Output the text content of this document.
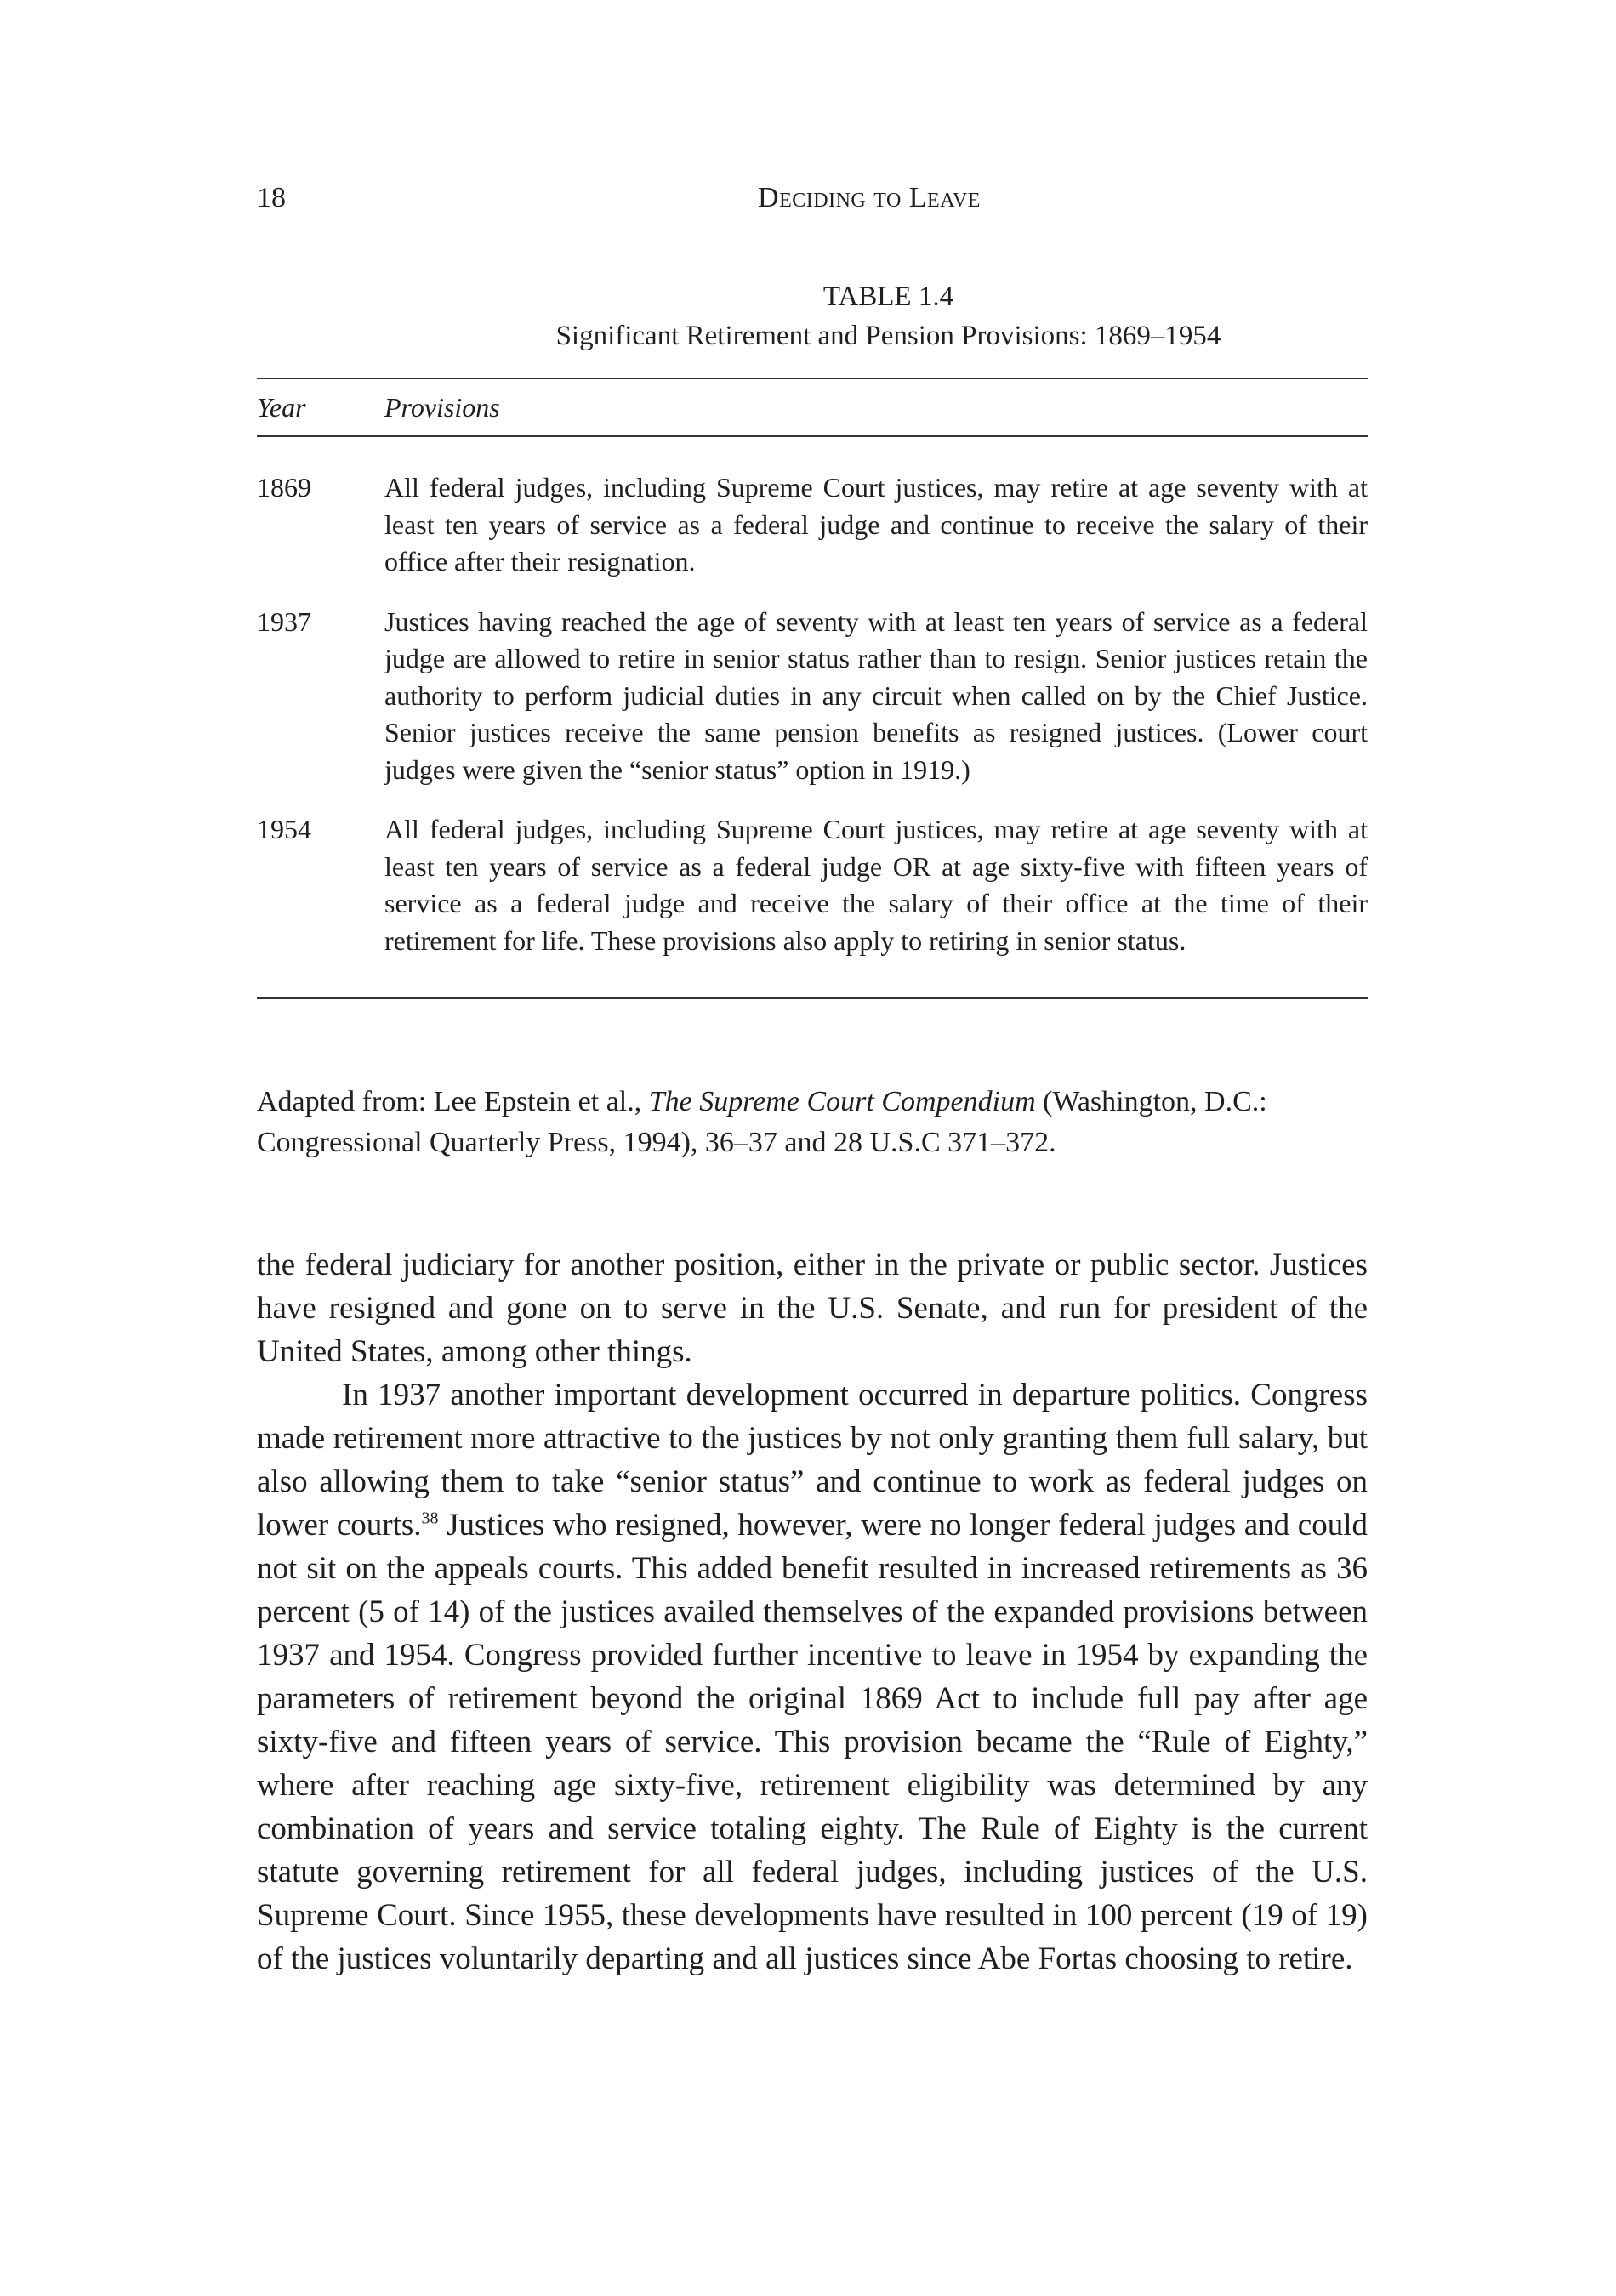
18	Deciding to Leave
TABLE 1.4
Significant Retirement and Pension Provisions: 1869–1954
Year	Provisions
1869	All federal judges, including Supreme Court justices, may retire at age seventy with at least ten years of service as a federal judge and continue to receive the salary of their office after their resignation.
1937	Justices having reached the age of seventy with at least ten years of service as a federal judge are allowed to retire in senior status rather than to resign. Senior justices retain the authority to perform judicial duties in any circuit when called on by the Chief Justice. Senior justices receive the same pension benefits as resigned justices. (Lower court judges were given the “senior status” option in 1919.)
1954	All federal judges, including Supreme Court justices, may retire at age seventy with at least ten years of service as a federal judge OR at age sixty-five with fifteen years of service as a federal judge and receive the salary of their office at the time of their retirement for life. These provisions also apply to retiring in senior status.
Adapted from: Lee Epstein et al., The Supreme Court Compendium (Washington, D.C.: Congressional Quarterly Press, 1994), 36–37 and 28 U.S.C 371–372.

the federal judiciary for another position, either in the private or public sector. Justices have resigned and gone on to serve in the U.S. Senate, and run for president of the United States, among other things.

In 1937 another important development occurred in departure politics. Congress made retirement more attractive to the justices by not only granting them full salary, but also allowing them to take “senior status” and continue to work as federal judges on lower courts.$^{38}$ Justices who resigned, however, were no longer federal judges and could not sit on the appeals courts. This added benefit resulted in increased retirements as 36 percent (5 of 14) of the justices availed themselves of the expanded provisions between 1937 and 1954. Congress provided further incentive to leave in 1954 by expanding the parameters of retirement beyond the original 1869 Act to include full pay after age sixty-five and fifteen years of service. This provision became the “Rule of Eighty,” where after reaching age sixty-five, retirement eligibility was determined by any combination of years and service totaling eighty. The Rule of Eighty is the current statute governing retirement for all federal judges, including justices of the U.S. Supreme Court. Since 1955, these developments have resulted in 100 percent (19 of 19) of the justices voluntarily departing and all justices since Abe Fortas choosing to retire.
